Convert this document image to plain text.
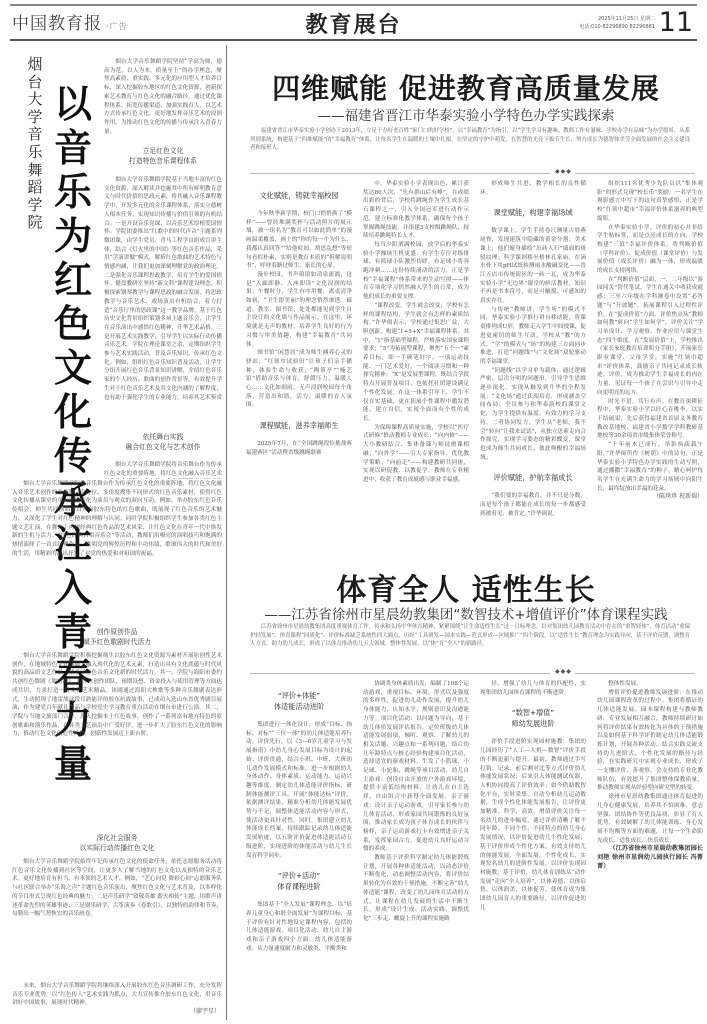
中国教育报 ·广告	教育展台	2025年11月25日 星期二
电话:010-82296890 82296881 11
烟台大学音乐舞蹈学院
以音乐为红色文化传承注入青春力量
烟台大学音乐舞蹈学院坚持“学高为师，德高为范，以人为本，质量至上”的办学理念，聚焦高素质、重实践、多元化的应用型人才培养目标，深入挖掘胶东地区的红色文化资源，创新探索艺术教育与红色文化的融合路径，通过优化课程体系、拓宽传播渠道、加强实践育人，以艺术方式传承红色文化，更好地发挥音乐艺术的浸润作用，为推动红色文化的传播与传承注入青春力量。
立足红色文化
打造特色音乐课程体系
烟台大学音乐舞蹈学院基于当地丰富的红色文化资源，深入解读并挖掘其中所有鲜明教育意义与时代价值的思政元素，将其融入音乐课程教学中，开发多元化的音乐课程体系，落实立德树人根本任务，实现知识传播与价值引领的有机结合。一是开设音乐党课，以音乐艺术厚植爱国情怀。学院团委推出“红歌中的时代声音”主题系列微团课，由学生党员、青马工程学员组成宣讲主体，结合《灯火里的中国》等红色音乐作品，采用“学演讲做”模式，解析红色歌曲的艺术特色与情感内涵，让我们更加深刻理解党的政治理论。二是强化音乐课程思政教学，培育学生的爱国情怀。健盘教研室坚持“新文科”课程建设理念，积极探索钢琴教学与课程思政的融合发展，将思政教学与音乐艺术、戏场演出有机结合，着力打造“音乐厅里的思政课”这一教学品牌。基于红色历史文化背景组织策划多场主题音乐会，让学生在音乐演出中感悟红色精神，升华艺术品格。三是开展艺术实践教学，引导学生以实际行动传播音乐艺术。学院在理论课堂之余，定期组织学生参与艺术实践活动，普及音乐知识，传承红色文化。例如，组织红色音乐知识普及活动，让学生分组开展红色音乐背景知识讲解，介绍红色音乐家的个人经历、歌曲的创作背景等，有效提升学生对于红色音乐艺术及其文化内涵的了解程度，也有助于强化学生的专业能力，培养其艺术鉴赏
依托舞台实践
融合红色文化与艺术创作
烟台大学音乐舞蹈学院将音乐舞台作为传承红色文化的重要阵地，将红色文化融入音乐艺术
烟台大学音乐舞蹈学院将音乐舞台作为传承红色文化的重要阵地，将红色文化融入音乐艺术创作的全流程，全方位、多角度搜集不同形式的红色音乐素材，使得红色文化传播从课堂的单向灌输转化为演员与观众的双向互动。例如，举办胶东红色音乐传唱会，师生共同演唱多首具有胶东特色的红色歌曲，既展现了红色音乐的艺术魅力，又深化了学生对红色精神的理解与认同。同时学院积极组织学生参加各类红色主题文艺汇演，在舞台上再现经典红色作品的艺术风采，让红色文化在青年一代中焕发新的生机与活力。“红色经典合唱音乐会”等活动，教师们用嘹亮的演唱技巧和饱满的热情演绎了一首首经典作品，歌唱党的辉煌历程和丰功伟绩，歌颂伟大的时代和美好的生活，用精彩的演出抒发了对党的热爱和对祖国的祝福。
创作原创作品
赋予红色歌剧时代活力
烟台大学音乐舞蹈学院积极挖掘师生以胶东红色文化资源为素材开展原创性艺术创作，在地域特色文化基础上融入现代化的艺术元素，打造出具有文化底蕴与时代风貌的高品质文艺作品，赋予了红色音乐文化新的时代活力。其一，学院与海阳市委约共创红色舞剧《地雷战》，双方在创作团队、预期设想、资金投入与使用管理等方面达成共识，力求打造一批文化艺术精品。该剧通过海阳大秧歌等多种音乐舞剧表达形式，生动照现了地雷战这段耳熟能详的胶东抗战故事，已成功入选山东省优秀剧目展演，作为建党百年献礼作品与学校党史学习教育重点活动在烟台市进行公演。其二，学院与当地文旅部门合作，深入挖掘本土红色故事，创作了一系列富有地方特色的原创歌曲和器乐作品，在各类文艺演出中广受好评，进一步扩大了胶东红色文化的影响力，推动红色文化创造性转化、创新性发展迈上新台阶。
深化社会服务
以实际行动传播红色文化
烟台大学音乐舞蹈学院始终牢记传承红色文化的使命任务，依托志愿服务活动将红色音乐文化传播到社区等空间，让更多人了解当地的红色文化以及独特的音乐艺术。更好地培育有担当、有本领的艺术人才。例如，“艺心向党 舞彩心间”志愿服务队与社区联合举办“乐海之声”主题红色音乐演出，聚焦红色文化与艺术普及，以多样化的节目形式呈现红色经典的魅力；二是声乐研学“致敬英雄 薪火相传”主题，用歌声讲述革命先烈的英雄事迹；三是器乐研学，古筝演奏《卷歌引》，以独特的韵律和节奏，勾勒出一幅气势恢宏的音乐画卷。
未来，烟台大学音乐舞蹈学院将继续深入开展胶东红色音乐调研工作，充分发挥音乐专业优势，以“红色传人”艺术实践为抓点，大力宣传推介胶东红色文化，用音乐讲好中国故事，展现时代精神。
（廖宇星）
四维赋能 促进教育高质量发展
——福建省晋江市华泰实验小学特色办学实践探索
福建省晋江市华泰实验小学创办于2013年，立足于办好老百姓“家门口的好学校”，以“幸福教育”为指引，以“学生学习有趣味、教师工作有滋味、学校办学有品味”为办学愿景，从系列到系统，构建基于“四维赋能”的“幸福教育”体系，让每名学生在温暖的土壤中扎根，在坚定的守护中萌发，在智慧的光亮下拔节生长，努力成长为德智体美劳全面发展的社会主义建设者和接班人。
◆◆◆
文化赋能，铸就幸福校园

今年秋季新学期，校门口悄悄换了“模样”——曾经堆满奖杯与活动照片的展示墙，被一组名为“教育可以如此简单”的漫画温柔覆盖，画上的“你的每一个为什么，我都认真回答”“给他时间，胡思乱想”等短句看似朴素，实则是教育本质的“拆解说明书”，呼呼着路过师生、家长的心扉。

漫步校园，书声琅琅如清泉流淌，这是“入廊即静、入座即读”文化浸润的结果；午餐时分，学生有序用餐、离桌清净如初，“卫生即美丽”的理念悄然渗透。廊道、教室、图书馆，处处都能见到学生自主设计的文化墙与作品展示。在这里，环境就是无声的教材，培养学生良好的行为习惯与审美情趣，构建“幸福教育”共同体。

图书馆“闲慧居”成为师生涵养心灵的驿站；“红领巾试验田”让孩子们亲手播种，体验生命与收获；“陶笛亭”“掩艺馆”借助音乐与体育，舒缓压力，温暖人心……文化如细雨，无声浸润校园每个角落，营造出和谐、活力、温暖的育人氛围。

课程赋能，滋养幸福师生

2025年7月，在“全国跳绳段位挑战赛福建赛区”活动暨省级跳绳联赛

中，华泰实验小学表现出色，累计获奖达80人次，“先有群山后有峰”，在成绩出彩的背后，学校将跳绳作为学生成长基石课程之一，引入全国冠军进行动作示范，建立标准化教学体系，确保每个孩子掌握跳绳技能，并组建3支校级跳绳队，持续培养跳绳特长人才。

每当夕阳洒满校园，放学后的华泰实验小学操场生机更盛：有学生专注对练排球，有篮球小队激烈切磋，有足球小将奔跑冲刺……这份持续涌动的活力，正是学校“幸福课程”体系带来的生动写照——体育专项化学习悄然融入学生的日常，成为他们成长的重要支撑。

“课程改变，学生就会改变；学校有怎样的课程结构，学生就会有怎样的素质结构。”许华闽表示，学校通过集思广益，大胆创新，构建“1+5+X”幸福课程体系。其中，“1”指基础型课程，严格落实国家课程要求；“5”为拓展型课程，聚焦“五个一”素养目标，即一手硬笔好字、一项运动技能、一门艺术爱好、一个阅读习惯和一种探究精神；“X”是发展型课程，既结合学段特点开展普及项目，也依托社团建设满足个性化发展。在这一体系引导下，学生不仅在实基础，更在拓展个性课程中激发潜能、建立自信，实现全面而有个性的成长。

为保障课程高质量实施，学校以“医疗式研修”推动教师专业成长；“向内修”——大小教研结合、集体备课与师徒磨课相融；“向外学”——引人专家指导、优化教学策略；“向前走”——构建教研共同体，实现以研促教、以教促学。教师在专业精进中，收获了教育成就感与职业幸福感。

形成师生共进、教学相长的良性循环。

课堂赋能，构建幸福场域

数学课上，学生手持卷尺测量古厝燕尾脊，发现建筑中隐藏的黄金分割；美术课上，他们俯身描绘“出砖入石”墙面的斑驳纹理；科学课则移至梧林孔家庙，在滴水骨下用pH试纸检测雨水酸碱变化——晋江五店市传统街区的一砖一瓦，成为华泰实验小学“无边界”课堂的鲜活教材，知识不再是书本符号，而是可触摸、可感知的真实存在。

与传统“教师讲、学生听”的模式不同，华泰实验小学推行讲台移动能，将课桌排列成U形，教师走入学生中间授课，促进更密切的师生互动。学校从“教”的方式、“学”的模式与“场”的构建三方面同步推进，打造“问题线”与“文化场”双轮驱动的幸福课堂。

“问题线”以学习单为载体，通过逻辑严密、层次分明的问题串，引导学生思维逐步深化，实现从触发到升华的全程发展；“文化场”通过氏阅培育，形成涵盖空间布局、全员参与和华泰韵校的课堂文化，为学生提供有温度、有效力的学习支持。二者协同发力，学生从“老师，我不会”转向“让我来试试”，从独立思索走向合作探究，实现学习姿态的精彩蝶变，课堂也成为师生共同成长、彼此唤醒的幸福场域。

评价赋能，护航幸福成长

“我们要的幸福教育，并不只是分数，而是每个孩子都能在成长的每一步都感受到被看见、被肯定。”许华闽说。

组织111名优秀少先队员以“集体观影”的形式兑现“校长币”奖励，一名学生在观影感言中写下的这句真挚感悟，正是学校“红领中超市”幸福评价体系滋养的典型缩影。

在华泰实验小学，评价的初心并非给学生贴标签，而是点亮成长的方向。学校构建“三值”幸福评价体系，将判断价值（学科评价）、促成价值（课堂评价）与发展价值（成长评价）融为一体，形成温暖的成长支持网络。

在“判断价值”层面，一、二年级以“游园闯关”替代笔试，学生在通关中收获成就感；三至六年级在学科测卷中设置“必答题”与“开放题”，拓展课程引入过程性评价。在“促成价值”方面，评价焦点从“教师如何教”转向“学生如何学”，评价关注“学习单设计、学习观察、作业应用与课堂生态”四个维度。在“发展价值”上，学校推出《家长家庭教育培训积分手册》，开展家长职业课堂、父母学堂，实施“红领巾超市”评价体系，鼓励亲子共同记录成长轨迹。评价，成为推动学生幸福成长的内在力量，见证每一个孩子在尝识与引导中走向更明亮的远方。

时光不语，笃行有声。在教育深耕征程中，华泰实验小学以匠心育桃李，以实干结硕果，先后获得福建省首届义务教育教改基地校、福建省小学数学学科教研基地校等30余项省市级集体荣誉称号。

“十年前木已成行，举影执疏载午阳。”许华闽所作《树荫》中的诗句，正是华泰实验小学特色办学实践的生动写照，通过播撒“幸福教育”的种子，精心呵护每名学生在充满生命力的学习场域中向阳生长，最终绽放出幸福的花朵。

（陈珍珍 祝新瑞）

体育全人 适性生长
——江苏省徐州市星晨幼教集团“数智技术+增值评价”体育课程实践
江苏省徐州市星晨幼教集团高度重视体育工作，传承和弘扬中华体育精神，紧紧围绕“让生命适性生长”这一目标理念，针对集团幼儿园教育活动中存在的“重智轻体”、体育活动“重保护轻发展”、体育课程“同质化”、评价标准缺乏系统性四大痛点，历经“工具研发—园本实践—范式形成—区域推广”四个阶段，以“适性生长”教育理念为实践导向，基于评价反馈，调整育人方式，助力幼儿成长，形成了以体育推动幼儿五大领域、整体性发展，以“体”育“全人”的新路径。
◆◆◆
“评价+体能”
体适能活动进阶

集团进行一体化设计，形成“目标、指标、对标”“三位一体”的幼儿体适能培养行动。评价先行，以《3—6岁儿童学习与发展指南》中幼儿身心发展目标为设计的起始；评价贯通，结合小班、中班、大班幼儿动作发展模式和标准，进一步根据幼儿身体动作、身体素质、运动能力、运动兴趣等维度，制定幼儿体适能评价指标，研制体能测评工具，开展“体能达标”评价。依据测评结果，精准分析幼儿体能发展优势与不足，调整体适能活动内容与形式，使活动更具针对性。同时，集团建立幼儿体能成长档案，持续跟踪记录幼儿体适能发展轨迹，以五阶评价促进体适能活动五级进阶，实现进阶的体能活动与幼儿生长发育科学同步。

“评价+活动”
体育课程进阶

集团基于“全人发展”课程理念，以“培养儿童身心和谐全面发展”为课程目标，基于评价有针对性地设定课程内容，包括幼儿体适能游戏、项目化活动、幼儿自主游戏和亲子游戏四个方面。幼儿体适能游戏：从力量速度耐力和灵敏类、平衡类和

协调类身体素质出发，编制了108个运动游戏，重视目标、环境、形式以及强度的多样性，促进幼儿动作发展，提升幼儿身体能力、认知水平、规则意识及沟通能力等。项目化活动：以问题为导向，基于幼儿体质发展评估报告，定位班级幼儿体适能发展弱项，倾听、观察、了解幼儿的相关话题、兴趣点和一系列问题，结合幼儿年龄特点与核心经验构建项目化活动，选择适宜的游戏材料，生发了小篮球、小足球、小轮胎、跳绳等项目活动。幼儿自主游戏：创设自由开放的户外游戏环境，提供丰富低结构材料，让幼儿在自主选择、自由组合中获得全面发展。亲子游戏：设计亲子运动游戏，引导家长参与幼儿体育活动，形成家园共同锻炼的良好氛围，推动家长成为孩子体育成长的伙伴与榜样，亲子运动游戏打卡有效增进亲子关系，发挥家园合力，促进幼儿良好运动习惯的养成。

教师基于评价科学制定幼儿体能锻炼计划，开展各种体适能活动，以动态评价不断优化，动态调整活动内容，将评价结果转化为有效的干预措施，不断完善“幼儿体适能”课程，改变了幼儿园体育活动的方式，让课程在幼儿发展的生活中不断生长，形成“设计生成、活动实践、调整优化”三步走、螺旋上升的课程实施路

径，增强了幼儿与体育的匹配性，实现集团幼儿园体育课程的不断进阶。

“数智+增值”
师幼发展进阶

评价手段进阶实现园材施教：集团幼儿园经历了“人工—人机—数智”评价手段的不断更新与提升。最初，教师通过手写打钩、记录、前后测对比等方式评价幼儿体能发展状况；后来引入体能测试仪器，人机协同提高了评价效率；如今借助数智化平台，实时采集、自动分析幼儿运动数据，生成个性化体能发展报告，让评价更加精准、科学、高效。增值评价关注每一名幼儿的进步幅度，通过评价清晰了解不同年龄、不同个性、不同特点的幼儿身心发展情况，以评价促进幼儿个性化发展；基于评价形成个性化方案，有效支持幼儿的体能发展，全面发展，个性化成长，实现每名幼儿的进阶性发展，以评价实现因材施教；基于评价，幼儿体育训练从“动作发展”走向“全人培养”，以体养德、以体启智、以体润美、以体促劳，使体育成为集团幼儿园育人的重要路径，以评价促进幼儿

整体性发展。

增值评价促进教师发展进阶：在推动幼儿园课程改革的过程中，集团将循证幼儿体适能发展、园本课程构建与教师教研、专业发展相互融合。教师持续研讨如何将评价结果有效转化为具体的干预措施以及如何基于科学评价制定幼儿体适能锻炼计划，开展各种活动，结合实践交流支持幼儿进阶式、个性化发展的路径与经验，在实践研究中实现专业成长，形成了一支懂评价、善观察、会支持的专业化教师队伍，有效提升了集团整体保教质量，推动教师实现从经验型向研究型的转变。

徐州市星晨幼教集团通过体育促进幼儿身心健康发展，培养其不怕困难、意志坚强、团结协作等优良品质，彰显了育人优势，有效破解了幼儿体能训练、身心发展不均衡等方面的难题，让每一个生命阳光成长、适性成长、快乐成长。

（江苏省徐州市星晨幼教集团园长 刘艳 徐州市星润幼儿园执行园长 冯菁菁）
